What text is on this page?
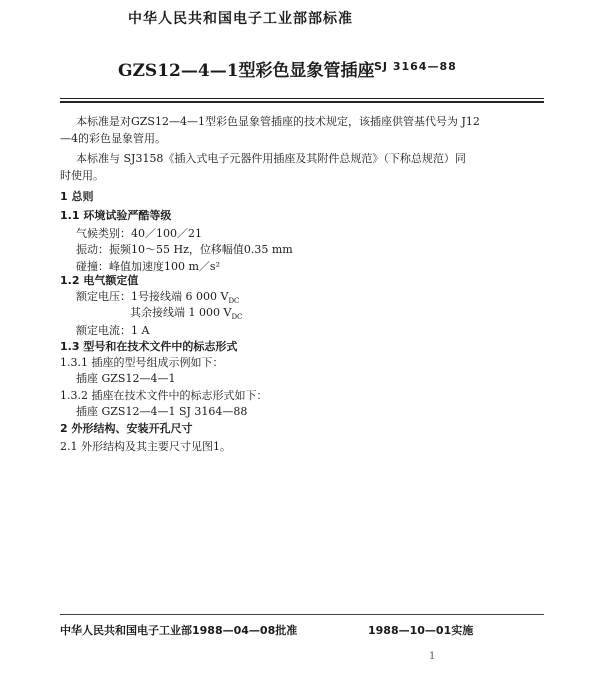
中华人民共和国电子工业部部标准
GZS12—4—1型彩色显象管插座 SJ 3164—88
本标准是对GZS12—4—1型彩色显象管插座的技术规定，该插座供管基代号为 J12
—4的彩色显象管用。
本标准与 SJ3158《插入式电子元器件用插座及其附件总规范》（下称总规范）同
时使用。
1 总则
1.1 环境试验严酷等级
气候类别：40／100／21
振动：振频10～55 Hz，位移幅值0.35 mm
碰撞：峰值加速度100 m／s²
1.2 电气额定值
额定电压：1号接线端 6 000 $V_{DC}$
其余接线端 1 000 $V_{DC}$
额定电流：1 A
1.3 型号和在技术文件中的标志形式
1.3.1 插座的型号组成示例如下：
插座 GZS12—4—1
1.3.2 插座在技术文件中的标志形式如下：
插座 GZS12—4—1 SJ 3164—88
2 外形结构、安装开孔尺寸
2.1 外形结构及其主要尺寸见图1。
中华人民共和国电子工业部1988—04—08批准	1988—10—01实施
1
